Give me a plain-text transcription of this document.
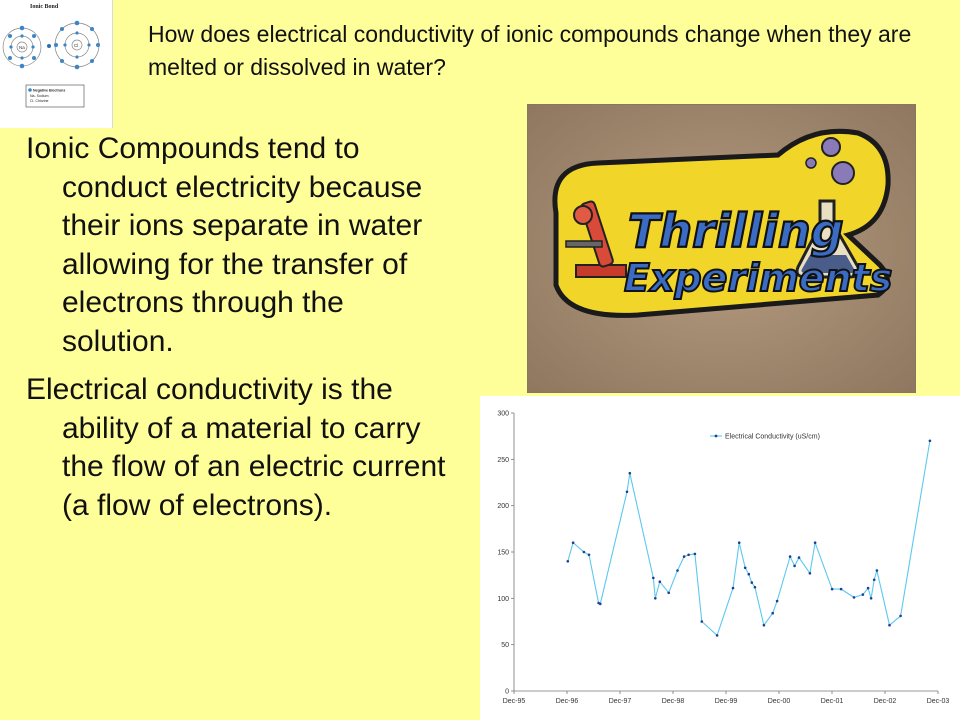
Ionic Bond
Na	Cl
Negative Electrons
Na- Sodium
Cl- Chlorine
How does electrical conductivity of ionic compounds change when they are melted or dissolved in water?

Ionic Compounds tend to conduct electricity because their ions separate in water allowing for the transfer of electrons through the solution.

Electrical conductivity is the ability of a material to carry the flow of an electric current (a flow of electrons).

Thrilling
Experiments
0
50
100
150
200
250
300
Dec-95	Dec-96	Dec-97	Dec-98	Dec-99	Dec-00	Dec-01	Dec-02	Dec-03
Electrical Conductivity (uS/cm)
